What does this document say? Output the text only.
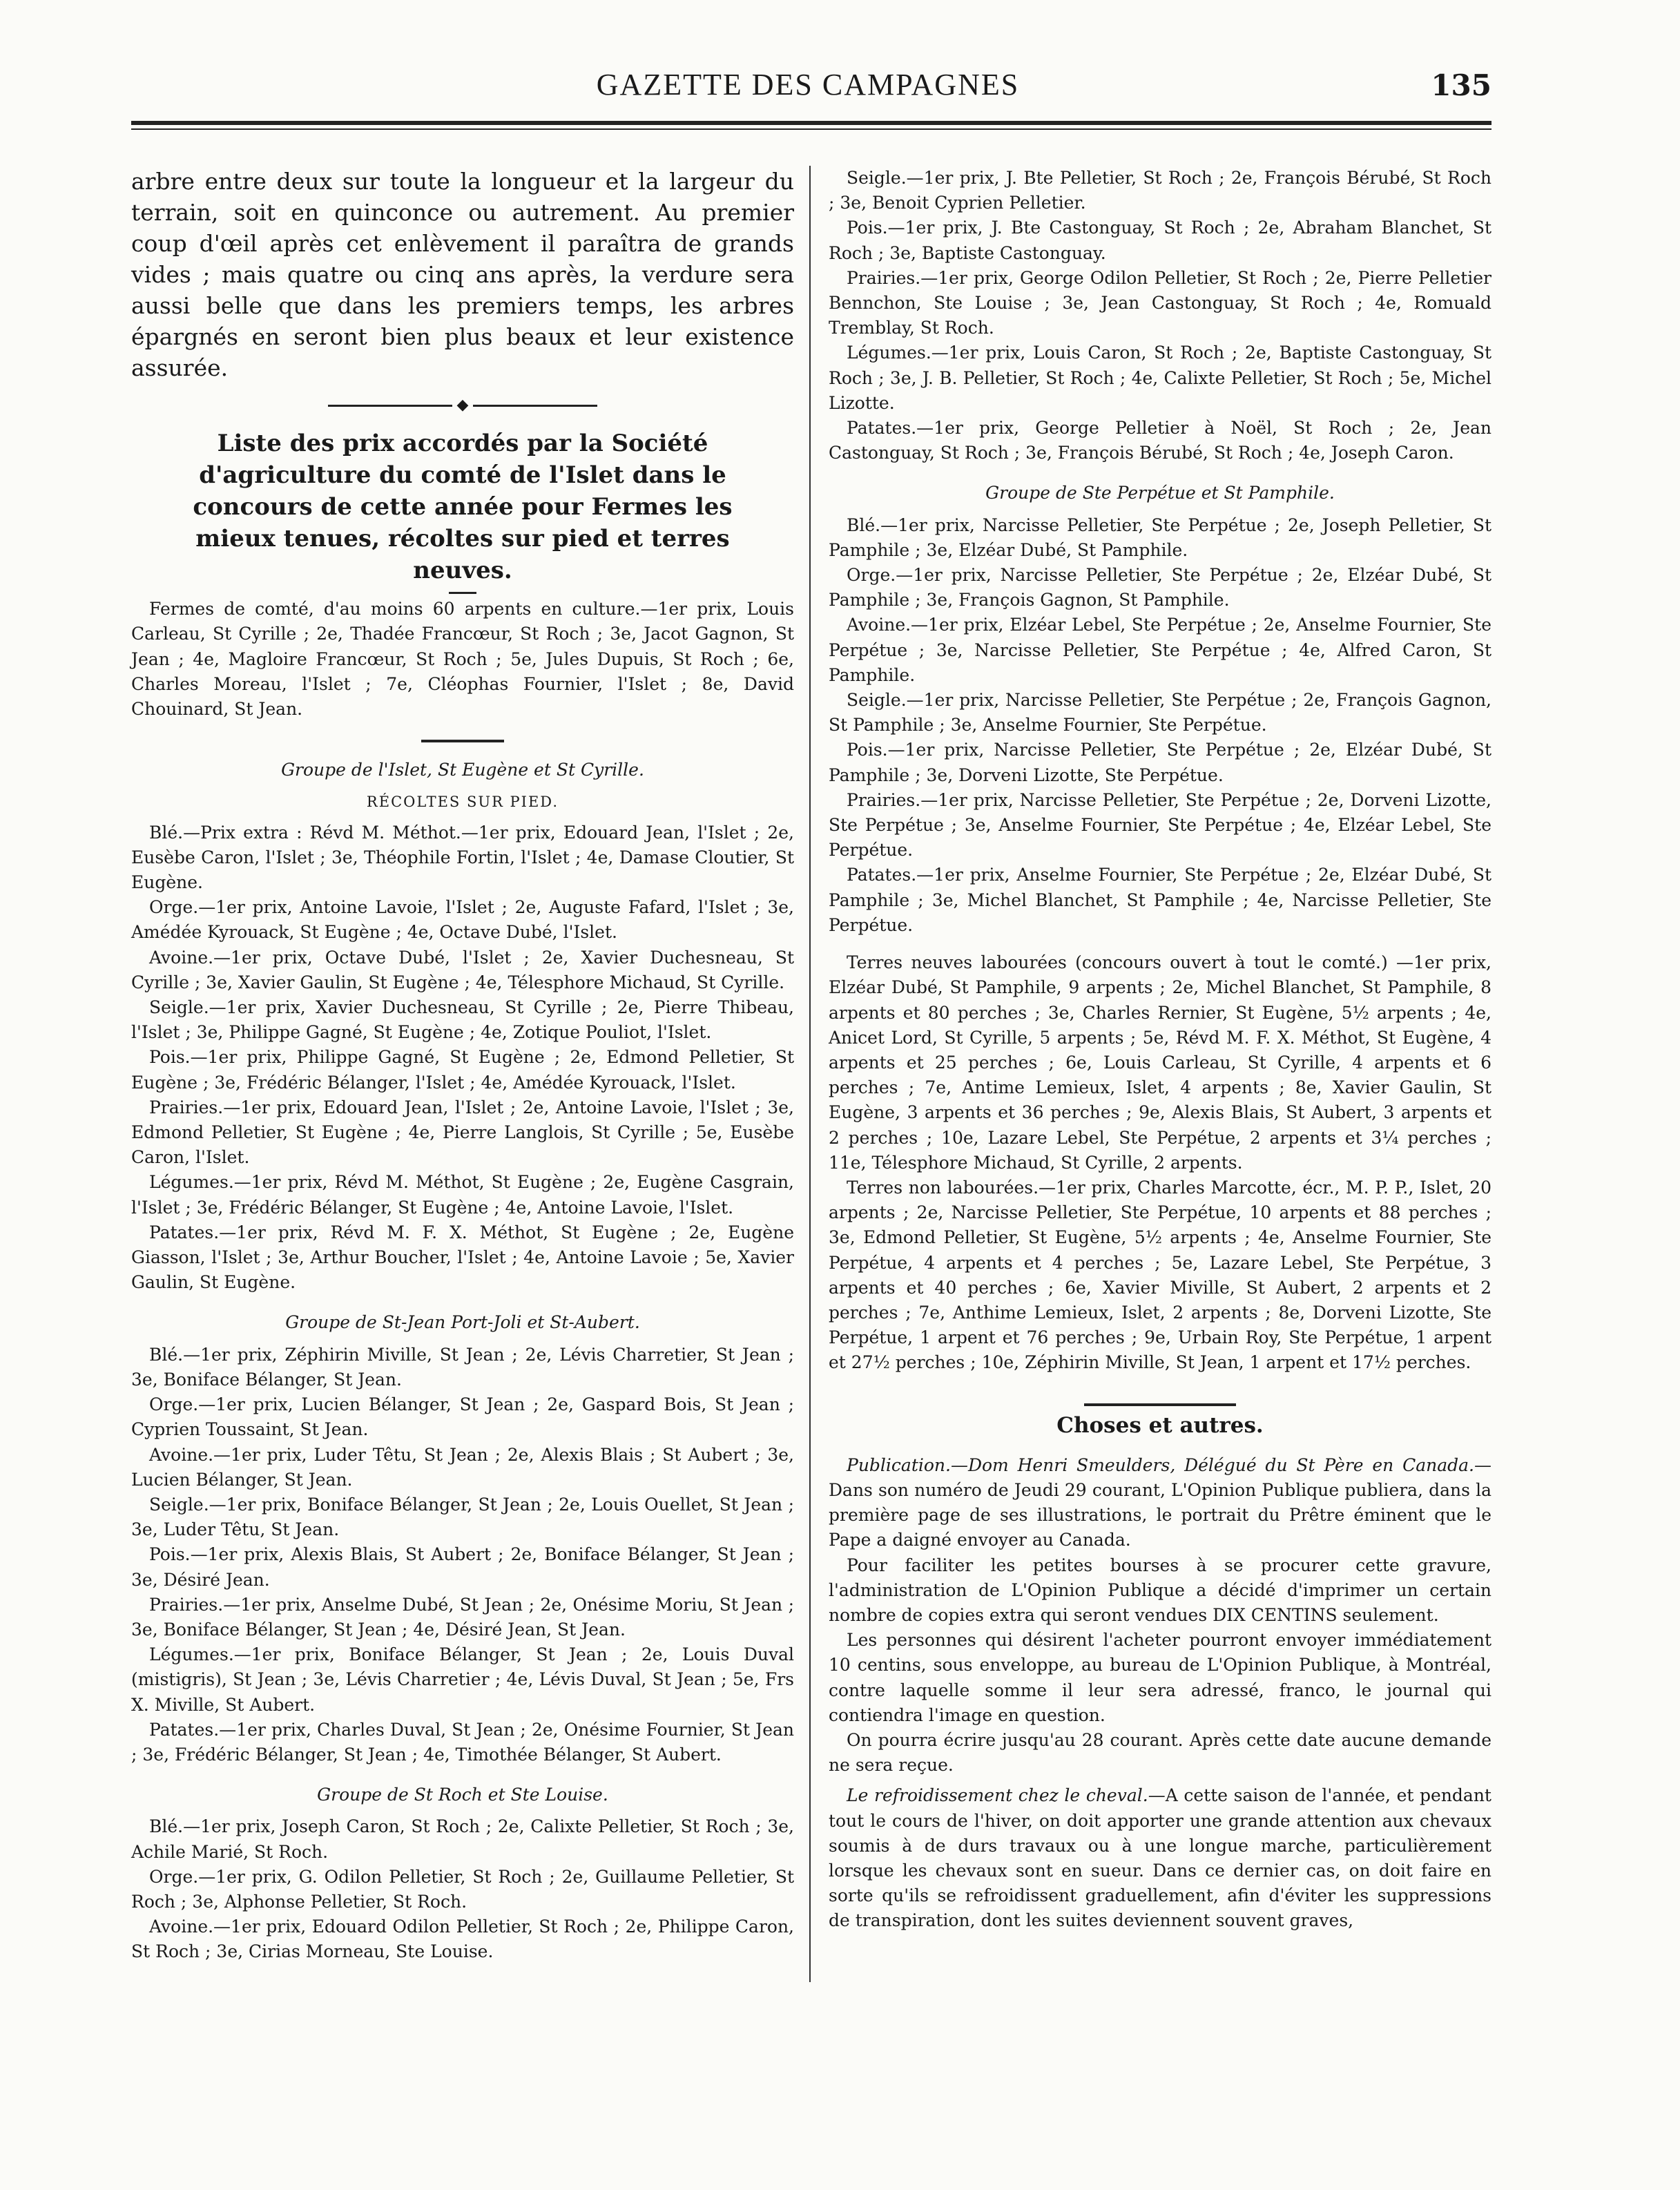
GAZETTE DES CAMPAGNES	135

arbre entre deux sur toute la longueur et la largeur du terrain, soit en quinconce ou autrement. Au premier coup d'œil après cet enlèvement il paraîtra de grands vides ; mais quatre ou cinq ans après, la verdure sera aussi belle que dans les premiers temps, les arbres épargnés en seront bien plus beaux et leur existence assurée.

◆
Liste des prix accordés par la Société d'agriculture du comté de l'Islet dans le concours de cette année pour Fermes les mieux tenues, récoltes sur pied et terres neuves.

Fermes de comté, d'au moins 60 arpents en culture.—1er prix, Louis Carleau, St Cyrille ; 2e, Thadée Francœur, St Roch ; 3e, Jacot Gagnon, St Jean ; 4e, Magloire Francœur, St Roch ; 5e, Jules Dupuis, St Roch ; 6e, Charles Moreau, l'Islet ; 7e, Cléophas Fournier, l'Islet ; 8e, David Chouinard, St Jean.

Groupe de l'Islet, St Eugène et St Cyrille.
RÉCOLTES SUR PIED.

Blé.—Prix extra : Révd M. Méthot.—1er prix, Edouard Jean, l'Islet ; 2e, Eusèbe Caron, l'Islet ; 3e, Théophile Fortin, l'Islet ; 4e, Damase Cloutier, St Eugène.

Orge.—1er prix, Antoine Lavoie, l'Islet ; 2e, Auguste Fafard, l'Islet ; 3e, Amédée Kyrouack, St Eugène ; 4e, Octave Dubé, l'Islet.

Avoine.—1er prix, Octave Dubé, l'Islet ; 2e, Xavier Duchesneau, St Cyrille ; 3e, Xavier Gaulin, St Eugène ; 4e, Télesphore Michaud, St Cyrille.

Seigle.—1er prix, Xavier Duchesneau, St Cyrille ; 2e, Pierre Thibeau, l'Islet ; 3e, Philippe Gagné, St Eugène ; 4e, Zotique Pouliot, l'Islet.

Pois.—1er prix, Philippe Gagné, St Eugène ; 2e, Edmond Pelletier, St Eugène ; 3e, Frédéric Bélanger, l'Islet ; 4e, Amédée Kyrouack, l'Islet.

Prairies.—1er prix, Edouard Jean, l'Islet ; 2e, Antoine Lavoie, l'Islet ; 3e, Edmond Pelletier, St Eugène ; 4e, Pierre Langlois, St Cyrille ; 5e, Eusèbe Caron, l'Islet.

Légumes.—1er prix, Révd M. Méthot, St Eugène ; 2e, Eugène Casgrain, l'Islet ; 3e, Frédéric Bélanger, St Eugène ; 4e, Antoine Lavoie, l'Islet.

Patates.—1er prix, Révd M. F. X. Méthot, St Eugène ; 2e, Eugène Giasson, l'Islet ; 3e, Arthur Boucher, l'Islet ; 4e, Antoine Lavoie ; 5e, Xavier Gaulin, St Eugène.

Groupe de St-Jean Port-Joli et St-Aubert.

Blé.—1er prix, Zéphirin Miville, St Jean ; 2e, Lévis Charretier, St Jean ; 3e, Boniface Bélanger, St Jean.

Orge.—1er prix, Lucien Bélanger, St Jean ; 2e, Gaspard Bois, St Jean ; Cyprien Toussaint, St Jean.

Avoine.—1er prix, Luder Têtu, St Jean ; 2e, Alexis Blais ; St Aubert ; 3e, Lucien Bélanger, St Jean.

Seigle.—1er prix, Boniface Bélanger, St Jean ; 2e, Louis Ouellet, St Jean ; 3e, Luder Têtu, St Jean.

Pois.—1er prix, Alexis Blais, St Aubert ; 2e, Boniface Bélanger, St Jean ; 3e, Désiré Jean.

Prairies.—1er prix, Anselme Dubé, St Jean ; 2e, Onésime Moriu, St Jean ; 3e, Boniface Bélanger, St Jean ; 4e, Désiré Jean, St Jean.

Légumes.—1er prix, Boniface Bélanger, St Jean ; 2e, Louis Duval (mistigris), St Jean ; 3e, Lévis Charretier ; 4e, Lévis Duval, St Jean ; 5e, Frs X. Miville, St Aubert.

Patates.—1er prix, Charles Duval, St Jean ; 2e, Onésime Fournier, St Jean ; 3e, Frédéric Bélanger, St Jean ; 4e, Timothée Bélanger, St Aubert.

Groupe de St Roch et Ste Louise.

Blé.—1er prix, Joseph Caron, St Roch ; 2e, Calixte Pelletier, St Roch ; 3e, Achile Marié, St Roch.

Orge.—1er prix, G. Odilon Pelletier, St Roch ; 2e, Guillaume Pelletier, St Roch ; 3e, Alphonse Pelletier, St Roch.

Avoine.—1er prix, Edouard Odilon Pelletier, St Roch ; 2e, Philippe Caron, St Roch ; 3e, Cirias Morneau, Ste Louise.

Seigle.—1er prix, J. Bte Pelletier, St Roch ; 2e, François Bérubé, St Roch ; 3e, Benoit Cyprien Pelletier.

Pois.—1er prix, J. Bte Castonguay, St Roch ; 2e, Abraham Blanchet, St Roch ; 3e, Baptiste Castonguay.

Prairies.—1er prix, George Odilon Pelletier, St Roch ; 2e, Pierre Pelletier Bennchon, Ste Louise ; 3e, Jean Castonguay, St Roch ; 4e, Romuald Tremblay, St Roch.

Légumes.—1er prix, Louis Caron, St Roch ; 2e, Baptiste Castonguay, St Roch ; 3e, J. B. Pelletier, St Roch ; 4e, Calixte Pelletier, St Roch ; 5e, Michel Lizotte.

Patates.—1er prix, George Pelletier à Noël, St Roch ; 2e, Jean Castonguay, St Roch ; 3e, François Bérubé, St Roch ; 4e, Joseph Caron.

Groupe de Ste Perpétue et St Pamphile.

Blé.—1er prix, Narcisse Pelletier, Ste Perpétue ; 2e, Joseph Pelletier, St Pamphile ; 3e, Elzéar Dubé, St Pamphile.

Orge.—1er prix, Narcisse Pelletier, Ste Perpétue ; 2e, Elzéar Dubé, St Pamphile ; 3e, François Gagnon, St Pamphile.

Avoine.—1er prix, Elzéar Lebel, Ste Perpétue ; 2e, Anselme Fournier, Ste Perpétue ; 3e, Narcisse Pelletier, Ste Perpétue ; 4e, Alfred Caron, St Pamphile.

Seigle.—1er prix, Narcisse Pelletier, Ste Perpétue ; 2e, François Gagnon, St Pamphile ; 3e, Anselme Fournier, Ste Perpétue.

Pois.—1er prix, Narcisse Pelletier, Ste Perpétue ; 2e, Elzéar Dubé, St Pamphile ; 3e, Dorveni Lizotte, Ste Perpétue.

Prairies.—1er prix, Narcisse Pelletier, Ste Perpétue ; 2e, Dorveni Lizotte, Ste Perpétue ; 3e, Anselme Fournier, Ste Perpétue ; 4e, Elzéar Lebel, Ste Perpétue.

Patates.—1er prix, Anselme Fournier, Ste Perpétue ; 2e, Elzéar Dubé, St Pamphile ; 3e, Michel Blanchet, St Pamphile ; 4e, Narcisse Pelletier, Ste Perpétue.

Terres neuves labourées (concours ouvert à tout le comté.) —1er prix, Elzéar Dubé, St Pamphile, 9 arpents ; 2e, Michel Blanchet, St Pamphile, 8 arpents et 80 perches ; 3e, Charles Rernier, St Eugène, 5½ arpents ; 4e, Anicet Lord, St Cyrille, 5 arpents ; 5e, Révd M. F. X. Méthot, St Eugène, 4 arpents et 25 perches ; 6e, Louis Carleau, St Cyrille, 4 arpents et 6 perches ; 7e, Antime Lemieux, Islet, 4 arpents ; 8e, Xavier Gaulin, St Eugène, 3 arpents et 36 perches ; 9e, Alexis Blais, St Aubert, 3 arpents et 2 perches ; 10e, Lazare Lebel, Ste Perpétue, 2 arpents et 3¼ perches ; 11e, Télesphore Michaud, St Cyrille, 2 arpents.

Terres non labourées.—1er prix, Charles Marcotte, écr., M. P. P., Islet, 20 arpents ; 2e, Narcisse Pelletier, Ste Perpétue, 10 arpents et 88 perches ; 3e, Edmond Pelletier, St Eugène, 5½ arpents ; 4e, Anselme Fournier, Ste Perpétue, 4 arpents et 4 perches ; 5e, Lazare Lebel, Ste Perpétue, 3 arpents et 40 perches ; 6e, Xavier Miville, St Aubert, 2 arpents et 2 perches ; 7e, Anthime Lemieux, Islet, 2 arpents ; 8e, Dorveni Lizotte, Ste Perpétue, 1 arpent et 76 perches ; 9e, Urbain Roy, Ste Perpétue, 1 arpent et 27½ perches ; 10e, Zéphirin Miville, St Jean, 1 arpent et 17½ perches.

Choses et autres.

Publication.—Dom Henri Smeulders, Délégué du St Père en Canada.—Dans son numéro de Jeudi 29 courant, L'Opinion Publique publiera, dans la première page de ses illustrations, le portrait du Prêtre éminent que le Pape a daigné envoyer au Canada.

Pour faciliter les petites bourses à se procurer cette gravure, l'administration de L'Opinion Publique a décidé d'imprimer un certain nombre de copies extra qui seront vendues DIX CENTINS seulement.

Les personnes qui désirent l'acheter pourront envoyer immédiatement 10 centins, sous enveloppe, au bureau de L'Opinion Publique, à Montréal, contre laquelle somme il leur sera adressé, franco, le journal qui contiendra l'image en question.

On pourra écrire jusqu'au 28 courant. Après cette date aucune demande ne sera reçue.

Le refroidissement chez le cheval.—A cette saison de l'année, et pendant tout le cours de l'hiver, on doit apporter une grande attention aux chevaux soumis à de durs travaux ou à une longue marche, particulièrement lorsque les chevaux sont en sueur. Dans ce dernier cas, on doit faire en sorte qu'ils se refroidissent graduellement, afin d'éviter les suppressions de transpiration, dont les suites deviennent souvent graves,
